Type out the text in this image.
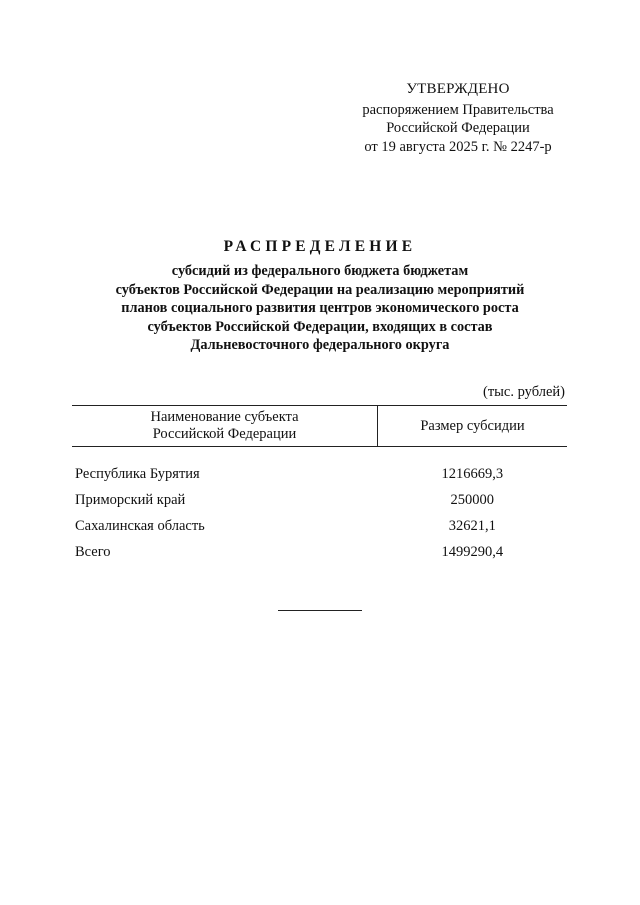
УТВЕРЖДЕНО
распоряжением Правительства
Российской Федерации
от 19 августа 2025 г. № 2247-р
РАСПРЕДЕЛЕНИЕ
субсидий из федерального бюджета бюджетам
субъектов Российской Федерации на реализацию мероприятий
планов социального развития центров экономического роста
субъектов Российской Федерации, входящих в состав
Дальневосточного федерального округа
(тыс. рублей)
Наименование субъекта
Российской Федерации	Размер субсидии

Республика Бурятия	1216669,3
Приморский край	250000
Сахалинская область	32621,1
Всего	1499290,4
